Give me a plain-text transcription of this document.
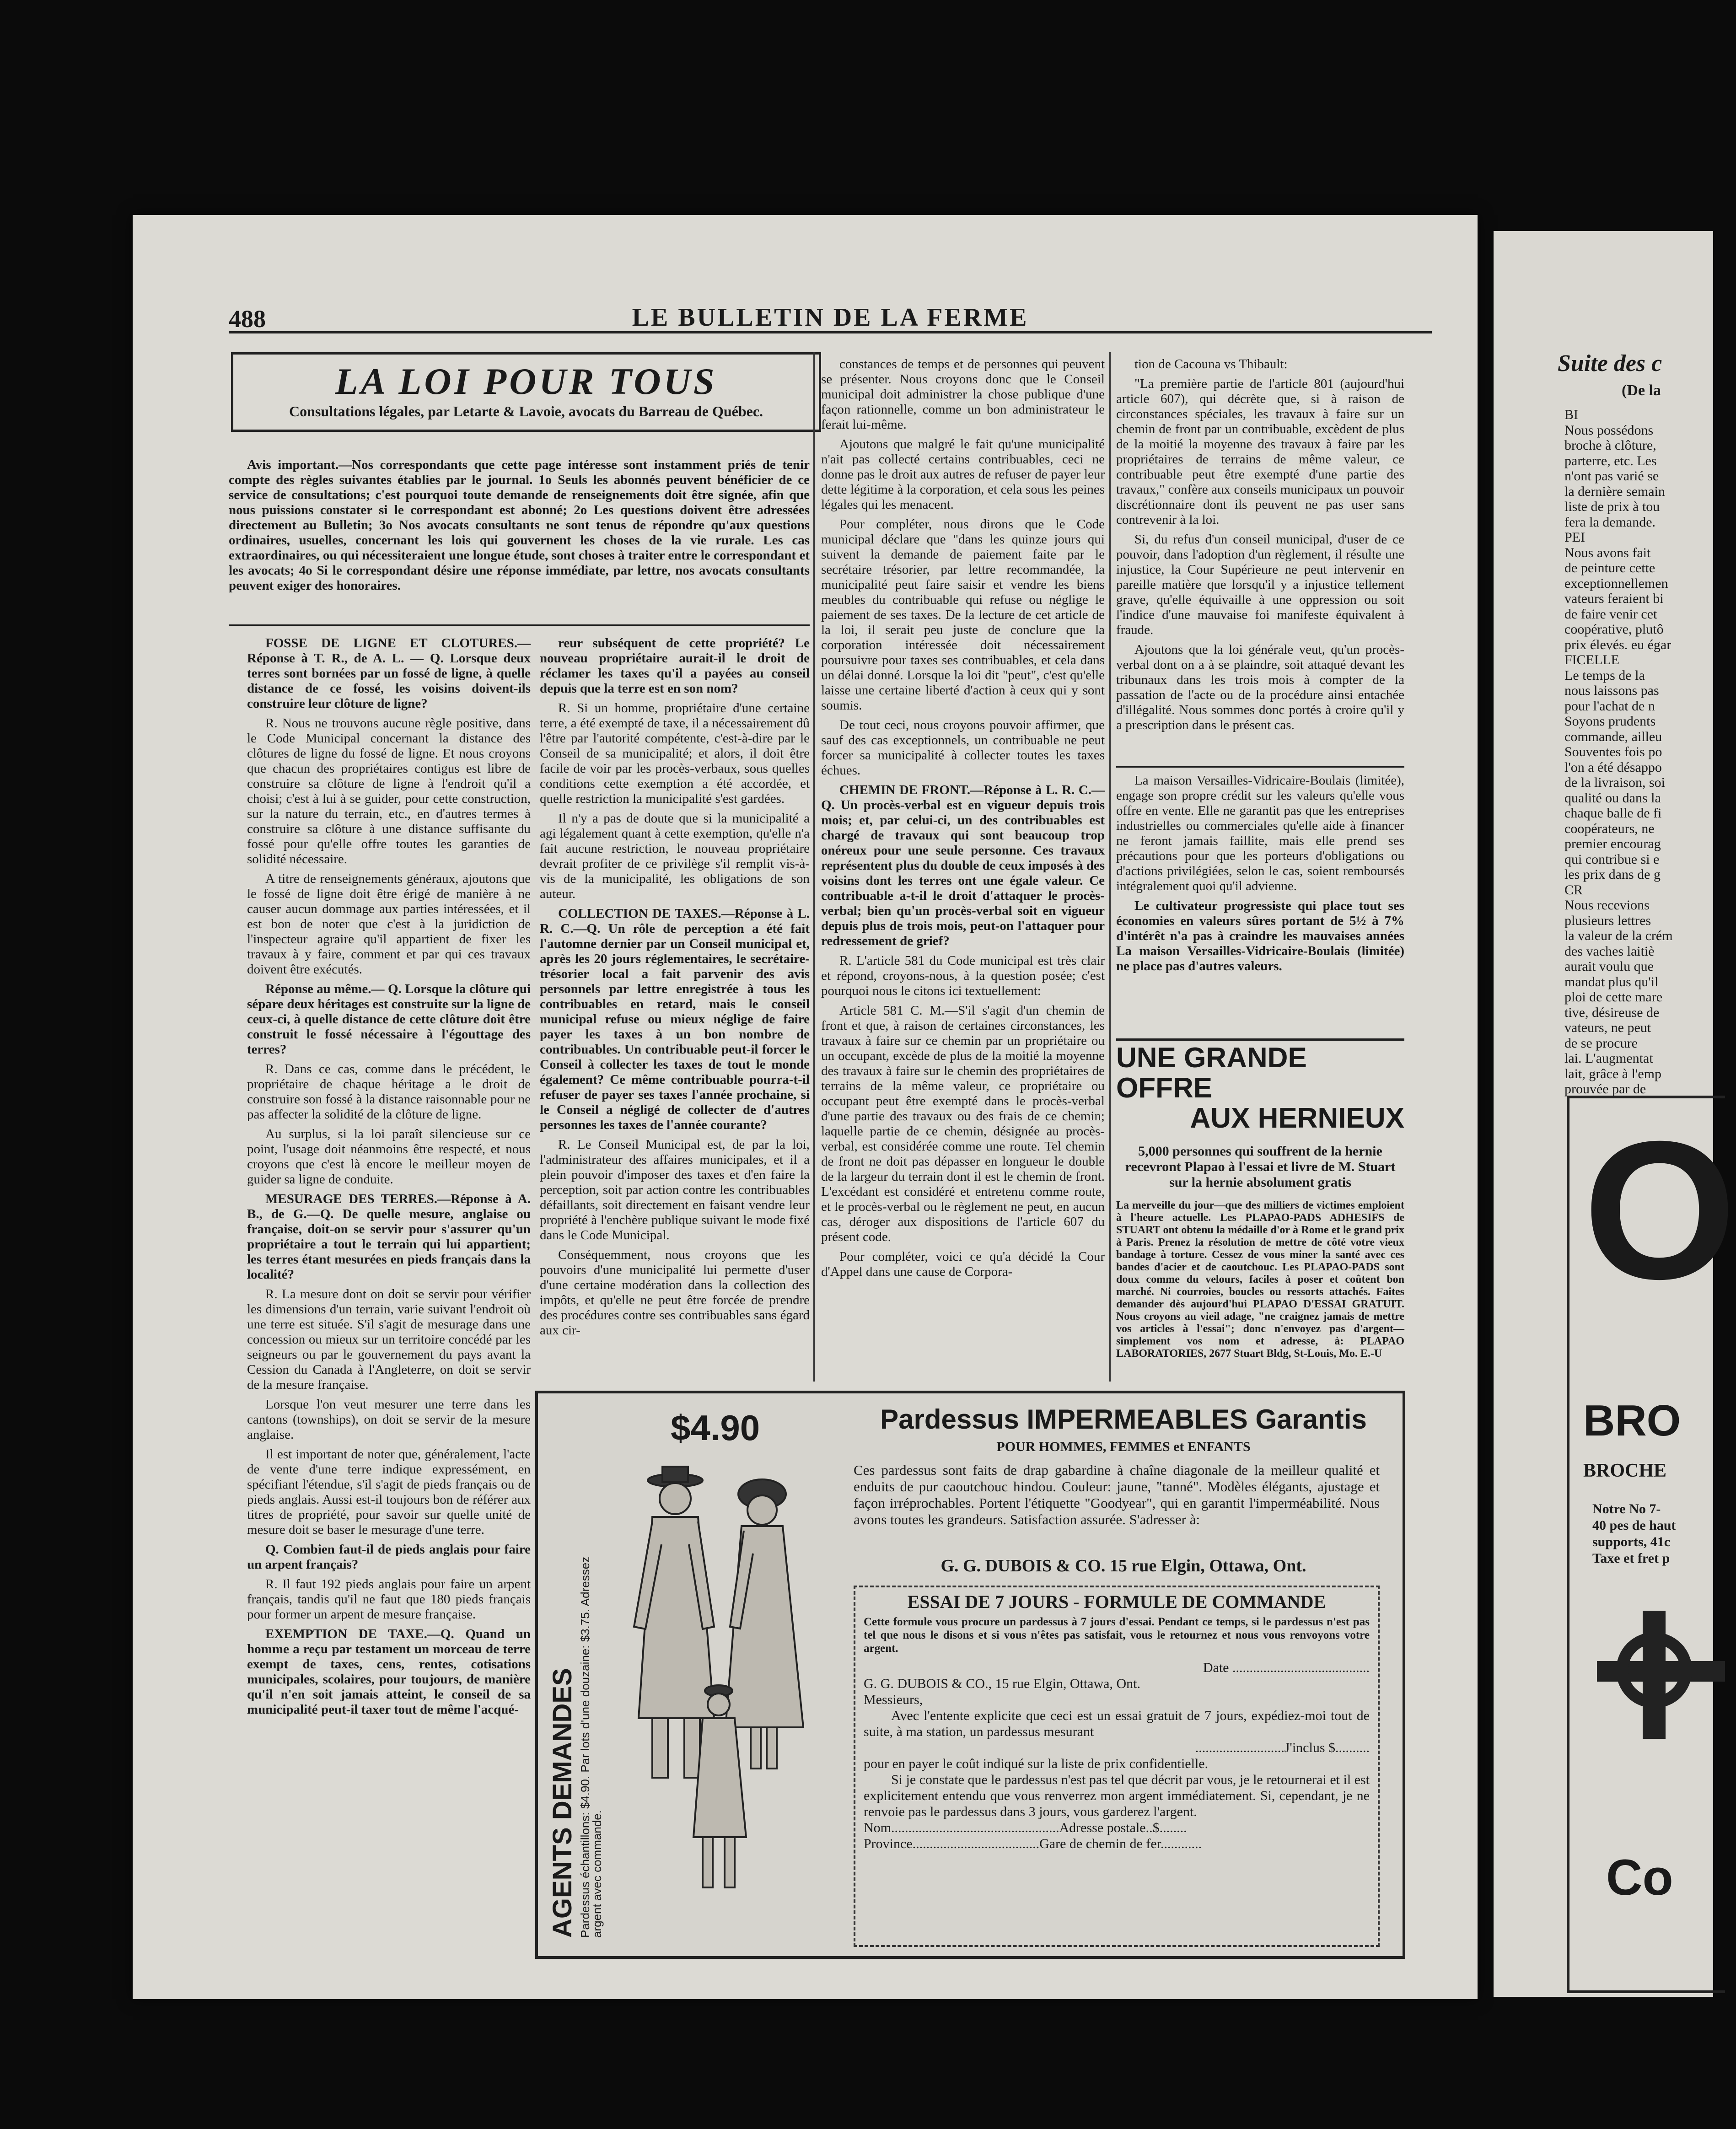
488	LE BULLETIN DE LA FERME
LA LOI POUR TOUS
Consultations légales, par Letarte & Lavoie, avocats du Barreau de Québec.

Avis important.—Nos correspondants que cette page intéresse sont instamment priés de tenir compte des règles suivantes établies par le journal. 1o Seuls les abonnés peuvent bénéficier de ce service de consultations; c'est pourquoi toute demande de renseignements doit être signée, afin que nous puissions constater si le correspondant est abonné; 2o Les questions doivent être adressées directement au Bulletin; 3o Nos avocats consultants ne sont tenus de répondre qu'aux questions ordinaires, usuelles, concernant les lois qui gouvernent les choses de la vie rurale. Les cas extraordinaires, ou qui nécessiteraient une longue étude, sont choses à traiter entre le correspondant et les avocats; 4o Si le correspondant désire une réponse immédiate, par lettre, nos avocats consultants peuvent exiger des honoraires.

FOSSE DE LIGNE ET CLOTURES.—Réponse à T. R., de A. L. — Q. Lorsque deux terres sont bornées par un fossé de ligne, à quelle distance de ce fossé, les voisins doivent-ils construire leur clôture de ligne?

R. Nous ne trouvons aucune règle positive, dans le Code Municipal concernant la distance des clôtures de ligne du fossé de ligne. Et nous croyons que chacun des propriétaires contigus est libre de construire sa clôture de ligne à l'endroit qu'il a choisi; c'est à lui à se guider, pour cette construction, sur la nature du terrain, etc., en d'autres termes à construire sa clôture à une distance suffisante du fossé pour qu'elle offre toutes les garanties de solidité nécessaire.

A titre de renseignements généraux, ajoutons que le fossé de ligne doit être érigé de manière à ne causer aucun dommage aux parties intéressées, et il est bon de noter que c'est à la juridiction de l'inspecteur agraire qu'il appartient de fixer les travaux à y faire, comment et par qui ces travaux doivent être exécutés.

Réponse au même.— Q. Lorsque la clôture qui sépare deux héritages est construite sur la ligne de ceux-ci, à quelle distance de cette clôture doit être construit le fossé nécessaire à l'égouttage des terres?

R. Dans ce cas, comme dans le précédent, le propriétaire de chaque héritage a le droit de construire son fossé à la distance raisonnable pour ne pas affecter la solidité de la clôture de ligne.

Au surplus, si la loi paraît silencieuse sur ce point, l'usage doit néanmoins être respecté, et nous croyons que c'est là encore le meilleur moyen de guider sa ligne de conduite.

MESURAGE DES TERRES.—Réponse à A. B., de G.—Q. De quelle mesure, anglaise ou française, doit-on se servir pour s'assurer qu'un propriétaire a tout le terrain qui lui appartient; les terres étant mesurées en pieds français dans la localité?

R. La mesure dont on doit se servir pour vérifier les dimensions d'un terrain, varie suivant l'endroit où une terre est située. S'il s'agit de mesurage dans une concession ou mieux sur un territoire concédé par les seigneurs ou par le gouvernement du pays avant la Cession du Canada à l'Angleterre, on doit se servir de la mesure française.

Lorsque l'on veut mesurer une terre dans les cantons (townships), on doit se servir de la mesure anglaise.

Il est important de noter que, généralement, l'acte de vente d'une terre indique expressément, en spécifiant l'étendue, s'il s'agit de pieds français ou de pieds anglais. Aussi est-il toujours bon de référer aux titres de propriété, pour savoir sur quelle unité de mesure doit se baser le mesurage d'une terre.

Q. Combien faut-il de pieds anglais pour faire un arpent français?

R. Il faut 192 pieds anglais pour faire un arpent français, tandis qu'il ne faut que 180 pieds français pour former un arpent de mesure française.

EXEMPTION DE TAXE.—Q. Quand un homme a reçu par testament un morceau de terre exempt de taxes, cens, rentes, cotisations municipales, scolaires, pour toujours, de manière qu'il n'en soit jamais atteint, le conseil de sa municipalité peut-il taxer tout de même l'acqué-

reur subséquent de cette propriété? Le nouveau propriétaire aurait-il le droit de réclamer les taxes qu'il a payées au conseil depuis que la terre est en son nom?

R. Si un homme, propriétaire d'une certaine terre, a été exempté de taxe, il a nécessairement dû l'être par l'autorité compétente, c'est-à-dire par le Conseil de sa municipalité; et alors, il doit être facile de voir par les procès-verbaux, sous quelles conditions cette exemption a été accordée, et quelle restriction la municipalité s'est gardées.

Il n'y a pas de doute que si la municipalité a agi légalement quant à cette exemption, qu'elle n'a fait aucune restriction, le nouveau propriétaire devrait profiter de ce privilège s'il remplit vis-à-vis de la municipalité, les obligations de son auteur.

COLLECTION DE TAXES.—Réponse à L. R. C.—Q. Un rôle de perception a été fait l'automne dernier par un Conseil municipal et, après les 20 jours réglementaires, le secrétaire-trésorier local a fait parvenir des avis personnels par lettre enregistrée à tous les contribuables en retard, mais le conseil municipal refuse ou mieux néglige de faire payer les taxes à un bon nombre de contribuables. Un contribuable peut-il forcer le Conseil à collecter les taxes de tout le monde également? Ce même contribuable pourra-t-il refuser de payer ses taxes l'année prochaine, si le Conseil a négligé de collecter de d'autres personnes les taxes de l'année courante?

R. Le Conseil Municipal est, de par la loi, l'administrateur des affaires municipales, et il a plein pouvoir d'imposer des taxes et d'en faire la perception, soit par action contre les contribuables défaillants, soit directement en faisant vendre leur propriété à l'enchère publique suivant le mode fixé dans le Code Municipal.

Conséquemment, nous croyons que les pouvoirs d'une municipalité lui permette d'user d'une certaine modération dans la collection des impôts, et qu'elle ne peut être forcée de prendre des procédures contre ses contribuables sans égard aux cir-

constances de temps et de personnes qui peuvent se présenter. Nous croyons donc que le Conseil municipal doit administrer la chose publique d'une façon rationnelle, comme un bon administrateur le ferait lui-même.

Ajoutons que malgré le fait qu'une municipalité n'ait pas collecté certains contribuables, ceci ne donne pas le droit aux autres de refuser de payer leur dette légitime à la corporation, et cela sous les peines légales qui les menacent.

Pour compléter, nous dirons que le Code municipal déclare que "dans les quinze jours qui suivent la demande de paiement faite par le secrétaire trésorier, par lettre recommandée, la municipalité peut faire saisir et vendre les biens meubles du contribuable qui refuse ou néglige le paiement de ses taxes. De la lecture de cet article de la loi, il serait peu juste de conclure que la corporation intéressée doit nécessairement poursuivre pour taxes ses contribuables, et cela dans un délai donné. Lorsque la loi dit "peut", c'est qu'elle laisse une certaine liberté d'action à ceux qui y sont soumis.

De tout ceci, nous croyons pouvoir affirmer, que sauf des cas exceptionnels, un contribuable ne peut forcer sa municipalité à collecter toutes les taxes échues.

CHEMIN DE FRONT.—Réponse à L. R. C.—Q. Un procès-verbal est en vigueur depuis trois mois; et, par celui-ci, un des contribuables est chargé de travaux qui sont beaucoup trop onéreux pour une seule personne. Ces travaux représentent plus du double de ceux imposés à des voisins dont les terres ont une égale valeur. Ce contribuable a-t-il le droit d'attaquer le procès-verbal; bien qu'un procès-verbal soit en vigueur depuis plus de trois mois, peut-on l'attaquer pour redressement de grief?

R. L'article 581 du Code municipal est très clair et répond, croyons-nous, à la question posée; c'est pourquoi nous le citons ici textuellement:

Article 581 C. M.—S'il s'agit d'un chemin de front et que, à raison de certaines circonstances, les travaux à faire sur ce chemin par un propriétaire ou un occupant, excède de plus de la moitié la moyenne des travaux à faire sur le chemin des propriétaires de terrains de la même valeur, ce propriétaire ou occupant peut être exempté dans le procès-verbal d'une partie des travaux ou des frais de ce chemin; laquelle partie de ce chemin, désignée au procès-verbal, est considérée comme une route. Tel chemin de front ne doit pas dépasser en longueur le double de la largeur du terrain dont il est le chemin de front. L'excédant est considéré et entretenu comme route, et le procès-verbal ou le règlement ne peut, en aucun cas, déroger aux dispositions de l'article 607 du présent code.

Pour compléter, voici ce qu'a décidé la Cour d'Appel dans une cause de Corpora-

tion de Cacouna vs Thibault:

"La première partie de l'article 801 (aujourd'hui article 607), qui décrète que, si à raison de circonstances spéciales, les travaux à faire sur un chemin de front par un contribuable, excèdent de plus de la moitié la moyenne des travaux à faire par les propriétaires de terrains de même valeur, ce contribuable peut être exempté d'une partie des travaux," confère aux conseils municipaux un pouvoir discrétionnaire dont ils peuvent ne pas user sans contrevenir à la loi.

Si, du refus d'un conseil municipal, d'user de ce pouvoir, dans l'adoption d'un règlement, il résulte une injustice, la Cour Supérieure ne peut intervenir en pareille matière que lorsqu'il y a injustice tellement grave, qu'elle équivaille à une oppression ou soit l'indice d'une mauvaise foi manifeste équivalent à fraude.

Ajoutons que la loi générale veut, qu'un procès-verbal dont on a à se plaindre, soit attaqué devant les tribunaux dans les trois mois à compter de la passation de l'acte ou de la procédure ainsi entachée d'illégalité. Nous sommes donc portés à croire qu'il y a prescription dans le présent cas.

La maison Versailles-Vidricaire-Boulais (limitée), engage son propre crédit sur les valeurs qu'elle vous offre en vente. Elle ne garantit pas que les entreprises industrielles ou commerciales qu'elle aide à financer ne feront jamais faillite, mais elle prend ses précautions pour que les porteurs d'obligations ou d'actions privilégiées, selon le cas, soient remboursés intégralement quoi qu'il advienne.

Le cultivateur progressiste qui place tout ses économies en valeurs sûres portant de 5½ à 7% d'intérêt n'a pas à craindre les mauvaises années La maison Versailles-Vidricaire-Boulais (limitée) ne place pas d'autres valeurs.

UNE GRANDE OFFRE
AUX HERNIEUX
5,000 personnes qui souffrent de la hernie recevront Plapao à l'essai et livre de M. Stuart sur la hernie absolument gratis
La merveille du jour—que des milliers de victimes emploient à l'heure actuelle. Les PLAPAO-PADS ADHESIFS de STUART ont obtenu la médaille d'or à Rome et le grand prix à Paris. Prenez la résolution de mettre de côté votre vieux bandage à torture. Cessez de vous miner la santé avec ces bandes d'acier et de caoutchouc. Les PLAPAO-PADS sont doux comme du velours, faciles à poser et coûtent bon marché. Ni courroies, boucles ou ressorts attachés. Faites demander dès aujourd'hui PLAPAO D'ESSAI GRATUIT. Nous croyons au vieil adage, "ne craignez jamais de mettre vos articles à l'essai"; donc n'envoyez pas d'argent—simplement vos nom et adresse, à: PLAPAO LABORATORIES, 2677 Stuart Bldg, St-Louis, Mo. E.-U
AGENTS DEMANDES Pardessus échantillons: $4.90. Par lots d'une douzaine: $3.75. Adressez
argent avec commande.
$4.90	Pardessus IMPERMEABLES Garantis
POUR HOMMES, FEMMES et ENFANTS
Ces pardessus sont faits de drap gabardine à chaîne diagonale de la meilleur qualité et enduits de pur caoutchouc hindou. Couleur: jaune, "tanné". Modèles élégants, ajustage et façon irréprochables. Portent l'étiquette "Goodyear", qui en garantit l'imperméabilité. Nous avons toutes les grandeurs. Satisfaction assurée. S'adresser à:
G. G. DUBOIS & CO. 15 rue Elgin, Ottawa, Ont.
ESSAI DE 7 JOURS - FORMULE DE COMMANDE
Cette formule vous procure un pardessus à 7 jours d'essai. Pendant ce temps, si le pardessus n'est pas tel que nous le disons et si vous n'êtes pas satisfait, vous le retournez et nous vous renvoyons votre argent.
Date ........................................
G. G. DUBOIS & CO., 15 rue Elgin, Ottawa, Ont.
Messieurs,
Avec l'entente explicite que ceci est un essai gratuit de 7 jours, expédiez-moi tout de suite, à ma station, un pardessus mesurant
..........................J'inclus $..........
pour en payer le coût indiqué sur la liste de prix confidentielle.
Si je constate que le pardessus n'est pas tel que décrit par vous, je le retournerai et il est explicitement entendu que vous renverrez mon argent immédiatement. Si, cependant, je ne renvoie pas le pardessus dans 3 jours, vous garderez l'argent.
Nom.................................................Adresse postale..$........
Province.....................................Gare de chemin de fer............
Suite des c
(De la
BI
Nous possédons
broche à clôture,
parterre, etc. Les
n'ont pas varié se
la dernière semain
liste de prix à tou
fera la demande.
PEI
Nous avons fait
de peinture cette
exceptionnellemen
vateurs feraient bi
de faire venir cet
coopérative, plutô
prix élevés. eu égar
FICELLE
Le temps de la
nous laissons pas
pour l'achat de n
Soyons prudents
commande, ailleu
Souventes fois po
l'on a été désappo
de la livraison, soi
qualité ou dans la
chaque balle de fi
coopérateurs, ne
premier encourag
qui contribue si e
les prix dans de g
CR
Nous recevions
plusieurs lettres
la valeur de la crém
des vaches laitiè
aurait voulu que
mandat plus qu'il
ploi de cette mare
tive, désireuse de
vateurs, ne peut
de se procure
lai. L'augmentat
lait, grâce à l'emp
prouvée par de
O
BRO
BROCHE
Notre No 7-
40 pes de haut
supports, 41c
Taxe et fret p
Co
